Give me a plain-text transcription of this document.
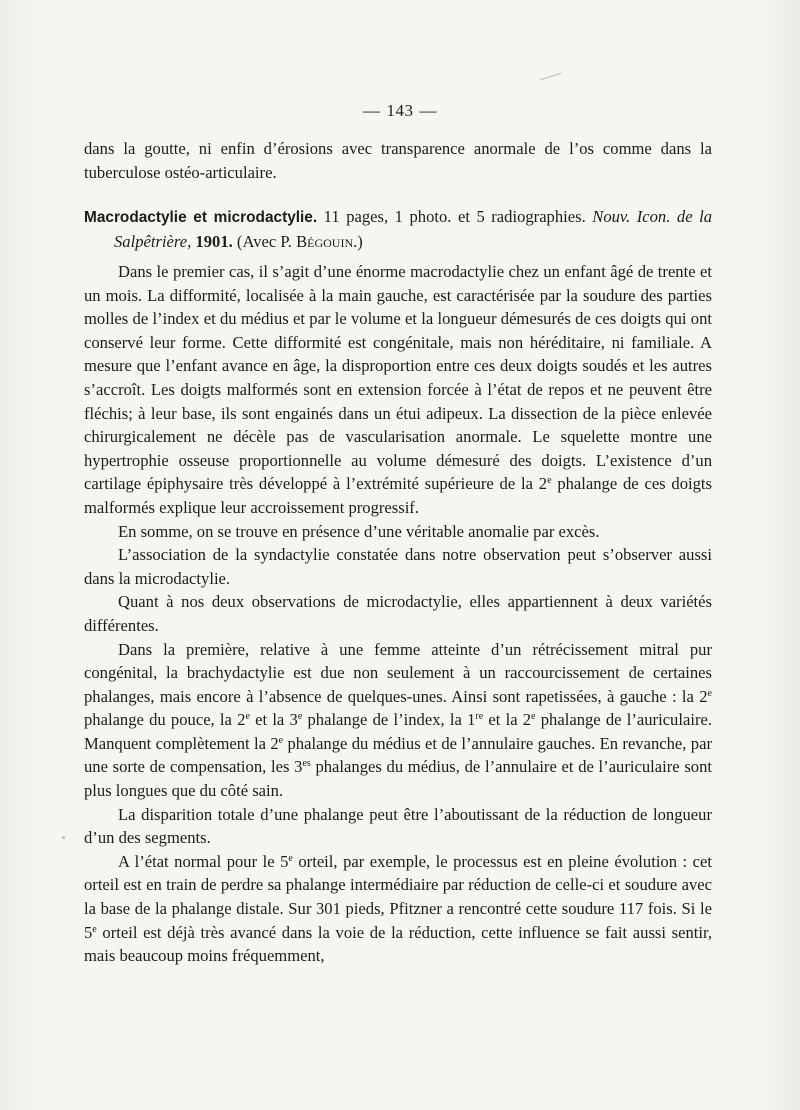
— 143 —

dans la goutte, ni enfin d’érosions avec transparence anormale de l’os comme dans la tuberculose ostéo-articulaire.

Macrodactylie et microdactylie. 11 pages, 1 photo. et 5 radiographies. Nouv. Icon. de la Salpêtrière, 1901. (Avec P. Bégouin.)

Dans le premier cas, il s’agit d’une énorme macrodactylie chez un enfant âgé de trente et un mois. La difformité, localisée à la main gauche, est caractérisée par la soudure des parties molles de l’index et du médius et par le volume et la longueur démesurés de ces doigts qui ont conservé leur forme. Cette difformité est congénitale, mais non héréditaire, ni familiale. A mesure que l’enfant avance en âge, la disproportion entre ces deux doigts soudés et les autres s’accroît. Les doigts malformés sont en extension forcée à l’état de repos et ne peuvent être fléchis; à leur base, ils sont engainés dans un étui adipeux. La dissection de la pièce enlevée chirurgicalement ne décèle pas de vascularisation anormale. Le squelette montre une hypertrophie osseuse proportionnelle au volume démesuré des doigts. L’existence d’un cartilage épiphysaire très développé à l’extrémité supérieure de la 2e phalange de ces doigts malformés explique leur accroissement progressif.

En somme, on se trouve en présence d’une véritable anomalie par excès.

L’association de la syndactylie constatée dans notre observation peut s’observer aussi dans la microdactylie.

Quant à nos deux observations de microdactylie, elles appartiennent à deux variétés différentes.

Dans la première, relative à une femme atteinte d’un rétrécissement mitral pur congénital, la brachydactylie est due non seulement à un raccourcissement de certaines phalanges, mais encore à l’absence de quelques-unes. Ainsi sont rapetissées, à gauche : la 2e phalange du pouce, la 2e et la 3e phalange de l’index, la 1re et la 2e phalange de l’auriculaire. Manquent complètement la 2e phalange du médius et de l’annulaire gauches. En revanche, par une sorte de compensation, les $3^{es}$ phalanges du médius, de l’annulaire et de l’auriculaire sont plus longues que du côté sain.

La disparition totale d’une phalange peut être l’aboutissant de la réduction de longueur d’un des segments.

A l’état normal pour le 5e orteil, par exemple, le processus est en pleine évolution : cet orteil est en train de perdre sa phalange intermédiaire par réduction de celle-ci et soudure avec la base de la phalange distale. Sur 301 pieds, Pfitzner a rencontré cette soudure 117 fois. Si le 5e orteil est déjà très avancé dans la voie de la réduction, cette influence se fait aussi sentir, mais beaucoup moins fréquemment,
